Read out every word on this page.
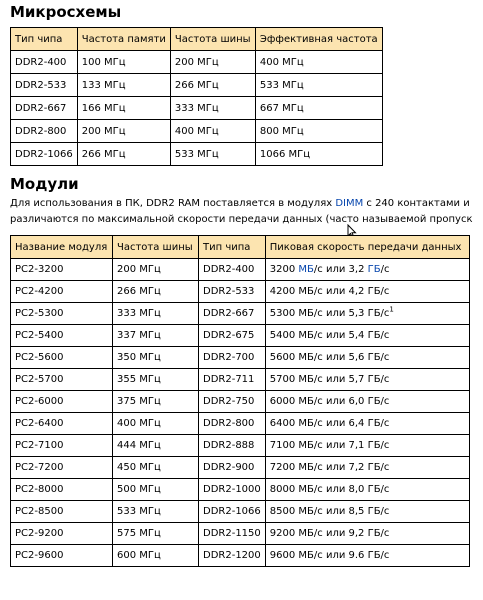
Микросхемы
Тип чипа	Частота памяти	Частота шины	Эффективная частота
DDR2-400	100 МГц	200 МГц	400 МГц
DDR2-533	133 МГц	266 МГц	533 МГц
DDR2-667	166 МГц	333 МГц	667 МГц
DDR2-800	200 МГц	400 МГц	800 МГц
DDR2-1066	266 МГц	533 МГц	1066 МГц
Модули
Для использования в ПК, DDR2 RAM поставляется в модулях DIMM с 240 контактами и
различаются по максимальной скорости передачи данных (часто называемой пропуск
Название модуля	Частота шины	Тип чипа	Пиковая скорость передачи данных
PC2-3200	200 МГц	DDR2-400	3200 МБ/с или 3,2 ГБ/с
PC2-4200	266 МГц	DDR2-533	4200 МБ/с или 4,2 ГБ/с
PC2-5300	333 МГц	DDR2-667	5300 МБ/с или 5,3 $ГБ/с^1$
PC2-5400	337 МГц	DDR2-675	5400 МБ/с или 5,4 ГБ/с
PC2-5600	350 МГц	DDR2-700	5600 МБ/с или 5,6 ГБ/с
PC2-5700	355 МГц	DDR2-711	5700 МБ/с или 5,7 ГБ/с
PC2-6000	375 МГц	DDR2-750	6000 МБ/с или 6,0 ГБ/с
PC2-6400	400 МГц	DDR2-800	6400 МБ/с или 6,4 ГБ/с
PC2-7100	444 МГц	DDR2-888	7100 МБ/с или 7,1 ГБ/с
PC2-7200	450 МГц	DDR2-900	7200 МБ/с или 7,2 ГБ/с
PC2-8000	500 МГц	DDR2-1000	8000 МБ/с или 8,0 ГБ/с
PC2-8500	533 МГц	DDR2-1066	8500 МБ/с или 8,5 ГБ/с
PC2-9200	575 МГц	DDR2-1150	9200 МБ/с или 9,2 ГБ/с
PC2-9600	600 МГц	DDR2-1200	9600 МБ/с или 9.6 ГБ/с
